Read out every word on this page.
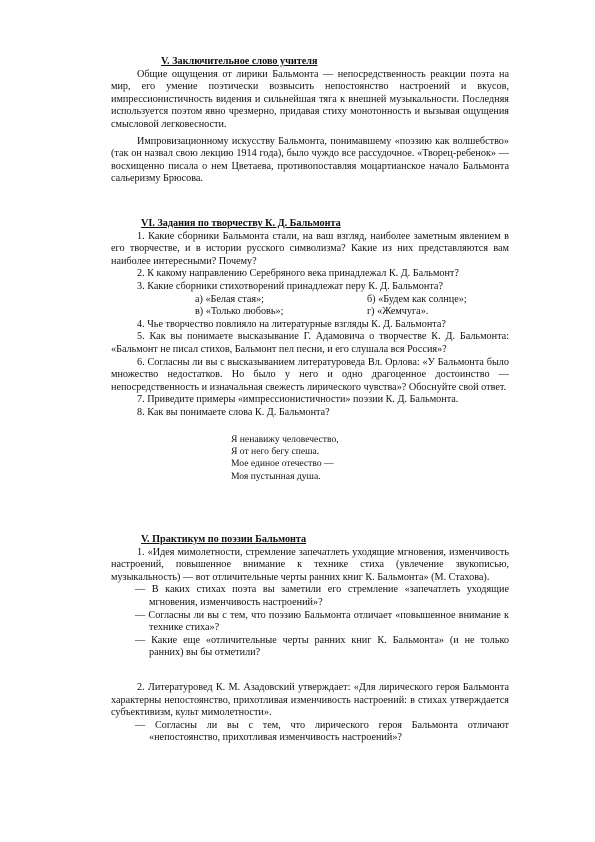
V. Заключительное слово учителя

Общие ощущения от лирики Бальмонта — непосредственность реакции поэта на мир, его умение поэтически возвысить непостоянство настроений и вкусов, импрессионистичность видения и сильнейшая тяга к внешней музыкальности. Последняя используется поэтом явно чрезмерно, придавая стиху монотонность и вызывая ощущения смысловой легковесности.

Импровизационному искусству Бальмонта, понимавшему «поэзию как волшебство» (так он назвал свою лекцию 1914 года), было чуждо все рассудочное. «Творец-ребенок» — восхищенно писала о нем Цветаева, противопоставляя моцартианское начало Бальмонта сальеризму Брюсова.

VI. Задания по творчеству К. Д. Бальмонта

1. Какие сборники Бальмонта стали, на ваш взгляд, наиболее заметным явлением в его творчестве, и в истории русского символизма? Какие из них представляются вам наиболее интересными? Почему?

2. К какому направлению Серебряного века принадлежал К. Д. Бальмонт?

3. Какие сборники стихотворений принадлежат перу К. Д. Бальмонта?

а) «Белая стая»;	б) «Будем как солнце»;
в) «Только любовь»;	г) «Жемчуга».

4. Чье творчество повлияло на литературные взгляды К. Д. Бальмонта?

5. Как вы понимаете высказывание Г. Адамовича о творчестве К. Д. Бальмонта: «Бальмонт не писал стихов, Бальмонт пел песни, и его слушала вся Россия»?

6. Согласны ли вы с высказыванием литературоведа Вл. Орлова: «У Бальмонта было множество недостатков. Но было у него и одно драгоценное достоинство — непосредственность и изначальная свежесть лирического чувства»? Обоснуйте свой ответ.

7. Приведите примеры «импрессионистичности» поэзии К. Д. Бальмонта.

8. Как вы понимаете слова К. Д. Бальмонта?

Я ненавижу человечество,
Я от него бегу спеша.
Мое единое отечество —
Моя пустынная душа.

V. Практикум по поэзии Бальмонта

1. «Идея мимолетности, стремление запечатлеть уходящие мгновения, изменчивость настроений, повышенное внимание к технике стиха (увлечение звукописью, музыкальность) — вот отличительные черты ранних книг К. Бальмонта» (М. Стахова).

— В каких стихах поэта вы заметили его стремление «запечатлеть уходящие мгновения, изменчивость настроений»?

— Согласны ли вы с тем, что поэзию Бальмонта отличает «повышенное внимание к технике стиха»?

— Какие еще «отличительные черты ранних книг К. Бальмонта» (и не только ранних) вы бы отметили?

2. Литературовед К. М. Азадовский утверждает: «Для лирического героя Бальмонта характерны непостоянство, прихотливая изменчивость настроений: в стихах утверждается субъективизм, культ мимолетности».

— Согласны ли вы с тем, что лирического героя Бальмонта отличают «непостоянство, прихотливая изменчивость настроений»?
